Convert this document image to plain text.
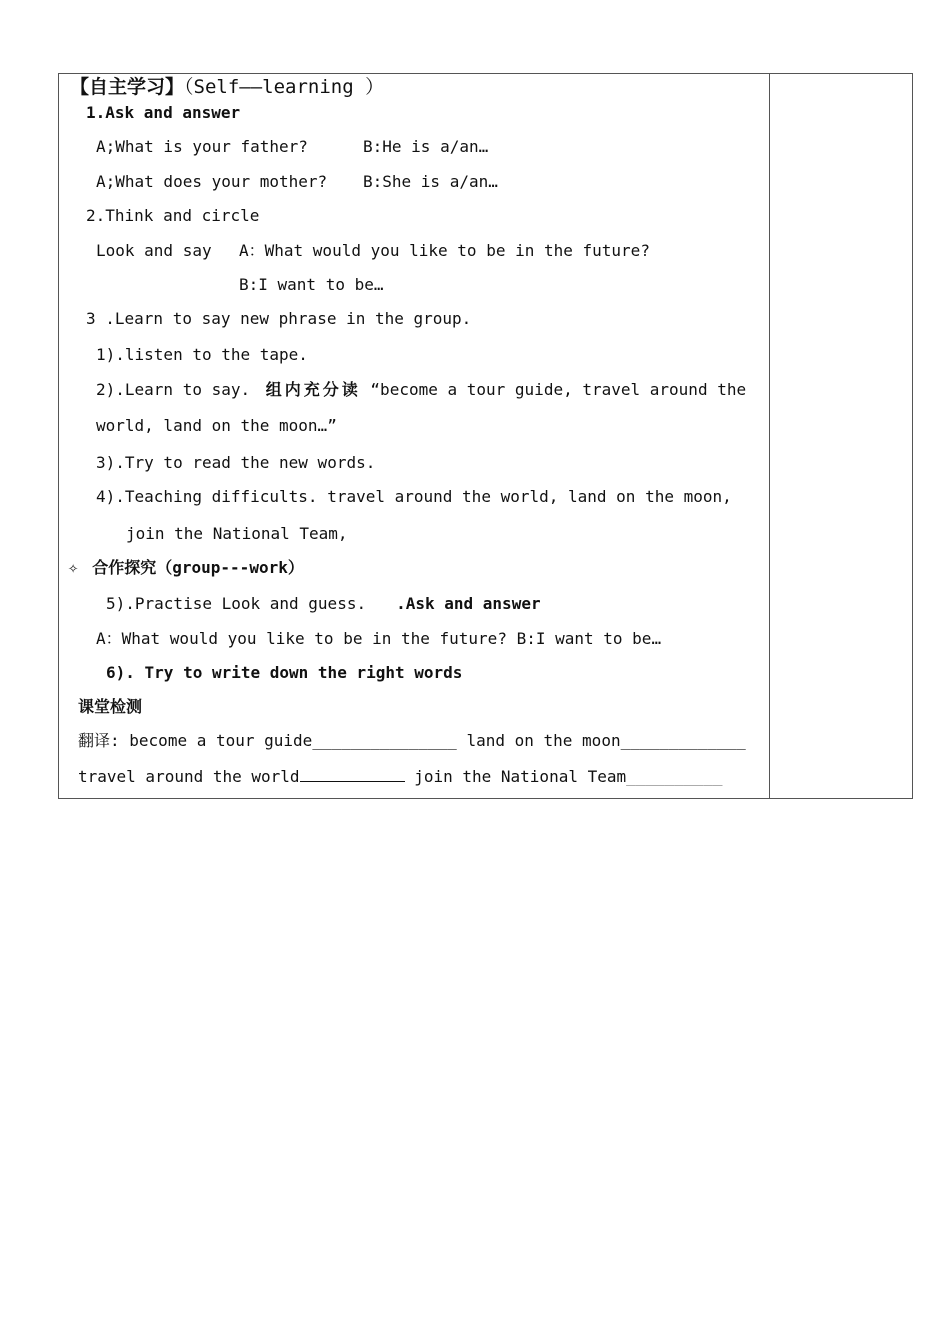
【自主学习】（Self——learning ）
1.Ask and answer
A;What is your father?	B:He is a/an…
A;What does your mother? B:She is a/an…
2.Think and circle
Look and say A：What would you like to be in the future?
B:I want to be…
3 .Learn to say new phrase in the group.
1).listen to the tape.
2).Learn to say. 组内充分读 “become a tour guide, travel around the
world, land on the moon…”
3).Try to read the new words.
4).Teaching difficults. travel around the world, land on the moon,
join the National Team,
✧ 合作探究（group---work）
5).Practise Look and guess. .Ask and answer
A：What would you like to be in the future? B:I want to be…
6). Try to write down the right words
课堂检测
翻译: become a tour guide_______________ land on the moon_____________
travel around the world	join the National Team__________
